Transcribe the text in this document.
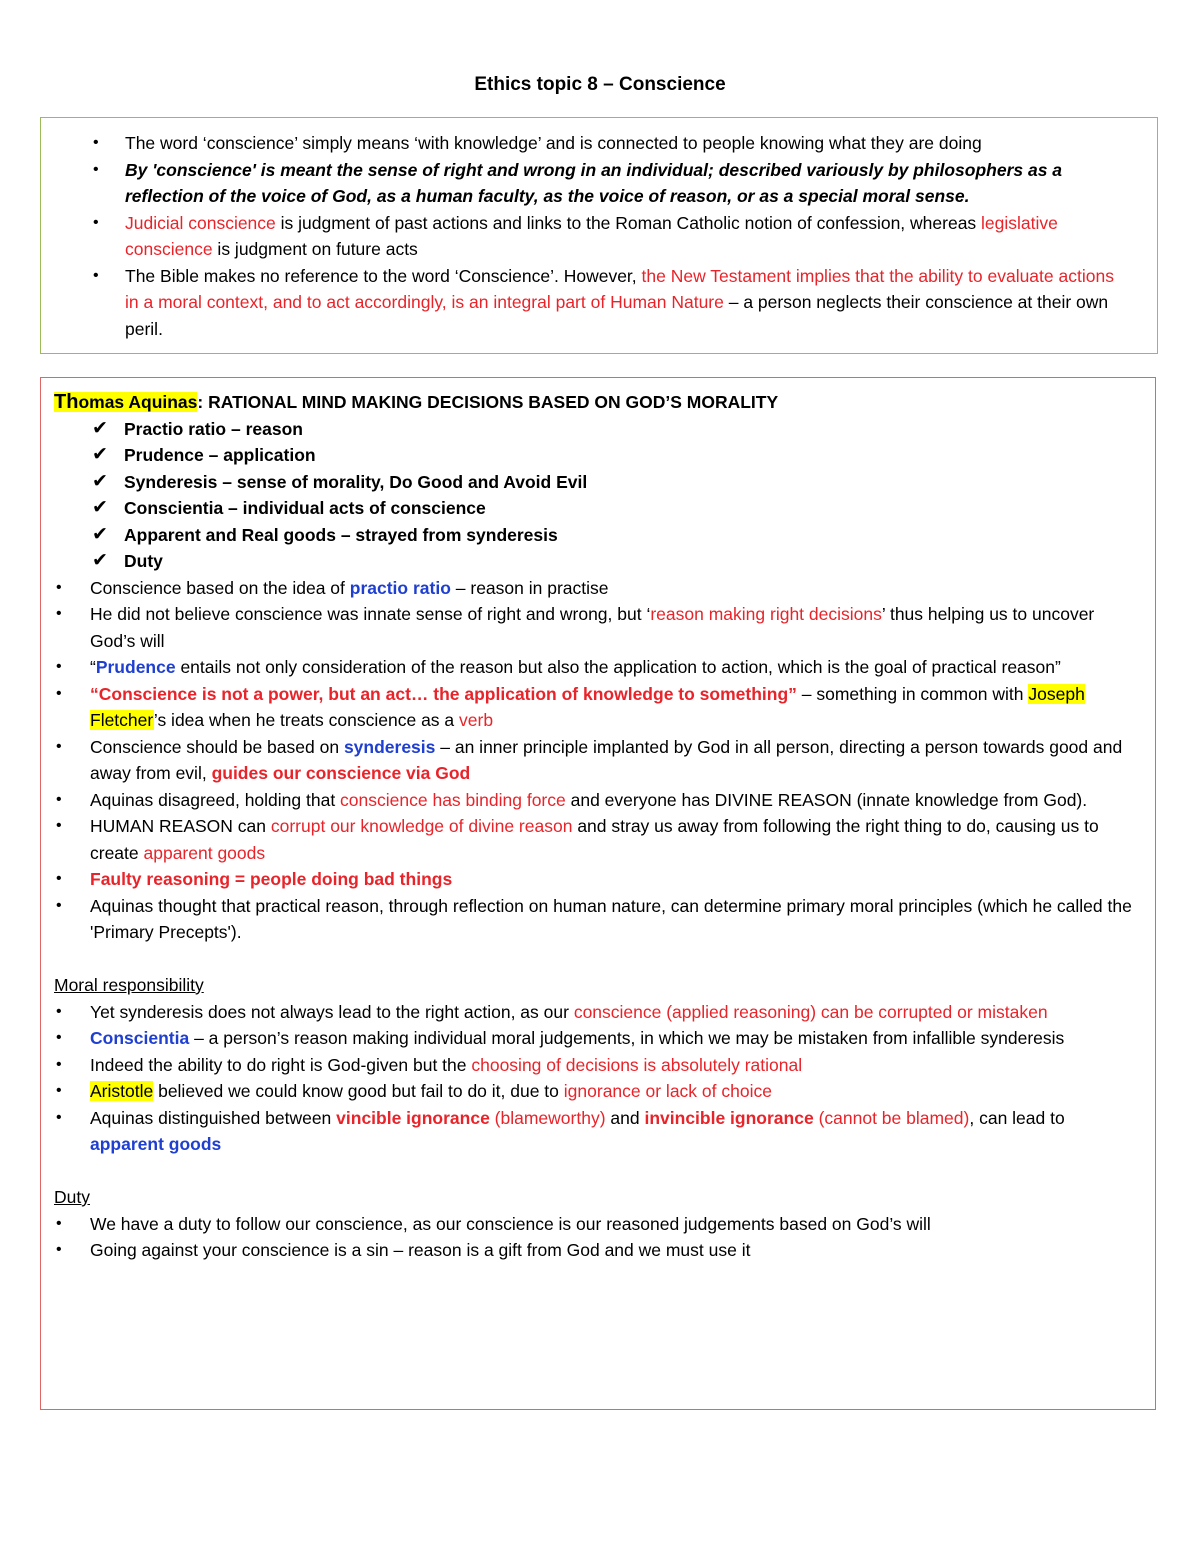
Ethics topic 8 – Conscience
• The word ‘conscience’ simply means ‘with knowledge’ and is connected to people knowing what they are doing
• By 'conscience' is meant the sense of right and wrong in an individual; described variously by philosophers as a reflection of the voice of God, as a human faculty, as the voice of reason, or as a special moral sense.
• Judicial conscience is judgment of past actions and links to the Roman Catholic notion of confession, whereas legislative conscience is judgment on future acts
• The Bible makes no reference to the word ‘Conscience’. However, the New Testament implies that the ability to evaluate actions in a moral context, and to act accordingly, is an integral part of Human Nature – a person neglects their conscience at their own peril.
Thomas Aquinas: RATIONAL MIND MAKING DECISIONS BASED ON GOD’S MORALITY
✔ Practio ratio – reason
✔ Prudence – application
✔ Synderesis – sense of morality, Do Good and Avoid Evil
✔ Conscientia – individual acts of conscience
✔ Apparent and Real goods – strayed from synderesis
✔ Duty
• Conscience based on the idea of practio ratio – reason in practise
• He did not believe conscience was innate sense of right and wrong, but ‘reason making right decisions’ thus helping us to uncover God’s will
• “Prudence entails not only consideration of the reason but also the application to action, which is the goal of practical reason”
• “Conscience is not a power, but an act… the application of knowledge to something” – something in common with Joseph Fletcher’s idea when he treats conscience as a verb
• Conscience should be based on synderesis – an inner principle implanted by God in all person, directing a person towards good and away from evil, guides our conscience via God
• Aquinas disagreed, holding that conscience has binding force and everyone has DIVINE REASON (innate knowledge from God).
• HUMAN REASON can corrupt our knowledge of divine reason and stray us away from following the right thing to do, causing us to create apparent goods
• Faulty reasoning = people doing bad things
• Aquinas thought that practical reason, through reflection on human nature, can determine primary moral principles (which he called the 'Primary Precepts').
Moral responsibility
• Yet synderesis does not always lead to the right action, as our conscience (applied reasoning) can be corrupted or mistaken
• Conscientia – a person’s reason making individual moral judgements, in which we may be mistaken from infallible synderesis
• Indeed the ability to do right is God-given but the choosing of decisions is absolutely rational
• Aristotle believed we could know good but fail to do it, due to ignorance or lack of choice
• Aquinas distinguished between vincible ignorance (blameworthy) and invincible ignorance (cannot be blamed), can lead to apparent goods
Duty
• We have a duty to follow our conscience, as our conscience is our reasoned judgements based on God’s will
• Going against your conscience is a sin – reason is a gift from God and we must use it
